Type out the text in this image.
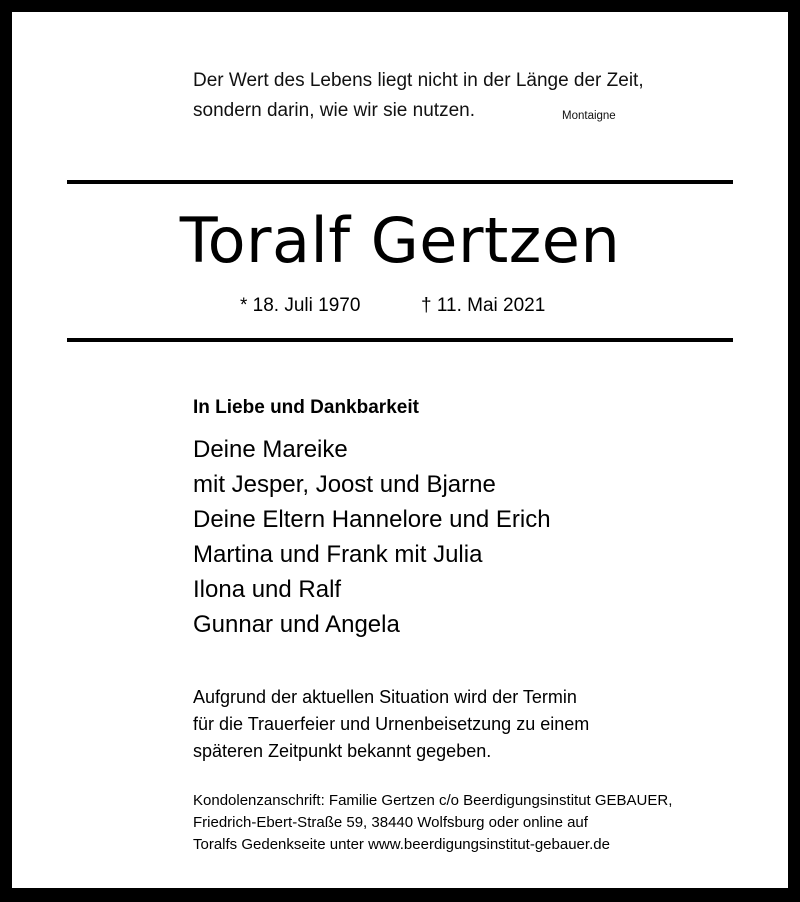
Der Wert des Lebens liegt nicht in der Länge der Zeit,
sondern darin, wie wir sie nutzen.	Montaigne
Toralf Gertzen
* 18. Juli 1970	† 11. Mai 2021
In Liebe und Dankbarkeit
Deine Mareike
mit Jesper, Joost und Bjarne
Deine Eltern Hannelore und Erich
Martina und Frank mit Julia
Ilona und Ralf
Gunnar und Angela
Aufgrund der aktuellen Situation wird der Termin
für die Trauerfeier und Urnenbeisetzung zu einem
späteren Zeitpunkt bekannt gegeben.
Kondolenzanschrift: Familie Gertzen c/o Beerdigungsinstitut GEBAUER,
Friedrich-Ebert-Straße 59, 38440 Wolfsburg oder online auf
Toralfs Gedenkseite unter www.beerdigungsinstitut-gebauer.de
